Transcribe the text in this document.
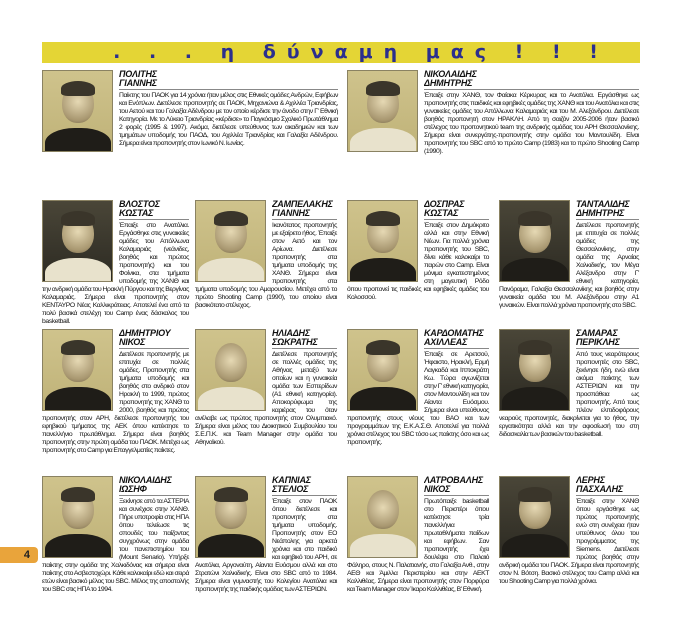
. . . η δύναμη μας ! ! !
4
ΠΟΛΙΤΗΣ
ΓΙΑΝΝΗΣ

Παίκτης του ΠΑΟΚ για 14 χρόνια ήταν μέλος στις Εθνικές ομάδες Ανδρών, Εφήβων και Ενόπλων. Διετέλεσε προπονητής σε ΠΑΟΚ, Μηχανιώνα & Αχιλλέα Τριανδρίας, του Αετού και του Γαλαξία Αδένδρου με τον οποίο κέρδισε την άνοδο στην Γ' Εθνική Κατηγορία. Με το Λύκειο Τριανδρίας «κέρδισε» το Παγκόσμιο Σχολικό Πρωτάθλημα 2 φορές (1995 & 1997). Ακόμα, διετέλεσε υπεύθυνος των ακαδημιών και των τμημάτων υποδομής του ΠΑΟΔ, του Αχιλλέα Τριανδρίας και Γαλαξία Αδένδρου. Σήμερα είναι προπονητής στον Ιωνικό Ν. Ιωνίας.

ΝΙΚΟΛΑΪΔΗΣ
ΔΗΜΗΤΡΗΣ

Έπαιξε στην ΧΑΝΘ, τον Φαίακα Κέρκυρας και το Ανατόλια. Εργάσθηκε ως προπονητής στις παιδικές και εφηβικές ομάδες της ΧΑΝΘ και του Ανατόλια και στις γυναικείες ομάδες του Απόλλωνα Καλαμαριάς και του Μ. Αλεξάνδρου. Διετέλεσε βοηθός προπονητή στον ΗΡΑΚΛΗ. Από τη σαιζόν 2005-2006 ήταν βασικό στέλεχος του προπονητικού team της ανδρικής ομάδας του ΑΡΗ Θεσσαλονίκης. Σήμερα είναι συνεργάτης-προπονητής στην ομάδα του Μαντουλίδη. Είναι προπονητής του SBC από το πρώτο Camp (1983) και το πρώτο Shooting Camp (1990).

ΒΛΟΣΤΟΣ
ΚΩΣΤΑΣ

Έπαιξε στο Ανατόλια. Εργάσθηκε στις γυναικείες ομάδες του Απόλλωνα Καλαμαριάς (νεάνιδες, βοηθός και πρώτος προπονητής) και του Φοίνικα, στα τμήματα υποδομής της ΧΑΝΘ και την ανδρική ομάδα του Ηρακλή Πύργου και της Βεργίνας Καλαμαριάς. Σήμερα είναι προπονητής στον ΚΕΝΤΑΥΡΟ Νέας Καλλικράτειας. Αποτελεί ένα από τα πολύ βασικά στελέχη του Camp ένας δάσκαλος του basketball.

ΖΑΜΠΕΛΑΚΗΣ
ΓΙΑΝΝΗΣ

Ικανότατος προπονητής με εξαίρετο ήθος. Έπαιξε στον Αετό και τον Αρίωνα. Διετέλεσε προπονητής στα τμήματα υποδομής της ΧΑΝΘ. Σήμερα είναι προπονητής στα τμήματα υποδομής του Αμαρουσίου. Μετέχει από το πρώτο Shooting Camp (1990), του οποίου είναι βασικότατο στέλεχος.

ΔΟΣΠΡΑΣ
ΚΩΣΤΑΣ

Έπαιξε στον Δημόκριτο αλλά και στην Εθνική Νέων. Για πολλά χρόνια προπονητής του SBC, δίνει κάθε καλοκαίρι το παρών στο Camp. Είναι μόνιμα εγκατεστημένος στη μαγευτική Ρόδο όπου προπονεί τις παιδικές και εφηβικές ομάδες του Κολοσσού.

ΤΑΝΤΑΛΙΔΗΣ
ΔΗΜΗΤΡΗΣ

Διετέλεσε προπονητής με επιτυχία σε πολλές ομάδες της Θεσσαλονίκης, στην ομάδα της Αρναίας Χαλκιδικής, τον Μέγα Αλέξανδρο στην Γ' εθνική κατηγορία, Πανόραμα, Γαλαξία Θεσσαλονίκης και βοηθός στην γυναικεία ομάδα του Μ. Αλεξάνδρου στην Α1 γυναικών. Είναι πολλά χρόνια προπονητής στο SBC.

ΔΗΜΗΤΡΙΟΥ
ΝΙΚΟΣ

Διετέλεσε προπονητής με επιτυχία σε πολλές ομάδες. Προπονητής στα τμήματα υποδομής και βοηθός στο ανδρικό στον Ηρακλή το 1999, πρώτος προπονητής της ΧΑΝΘ το 2000, βοηθός και πρώτος προπονητής στον ΑΡΗ, διετέλεσε προπονητής του εφηβικού τμήματος της ΑΕΚ όπου κατέκτησε το πανελλήνιο πρωτάθλημα. Σήμερα είναι βοηθός προπονητής στην πρώτη ομάδα του ΠΑΟΚ. Μετέχει ως προπονητής στο Camp για Επαγγελματίες παίκτες.

ΗΛΙΑΔΗΣ
ΣΩΚΡΑΤΗΣ

Διετέλεσε προπονητής σε πολλές ομάδες της Αθήνας μεταξύ των οποίων και η γυναικεία ομάδα των Εσπερίδων (Α1 εθνική κατηγορία). Αποκορύφωμα της καριέρας του όταν ανέλαβε ως πρώτος προπονητής στον Ολυμπιακό. Σήμερα είναι μέλος του Διοικητικού Συμβουλίου του Σ.Ε.Π.Κ. και Team Manager στην ομάδα του Αθηναϊκού.

ΚΑΡΔΟΜΑΤΗΣ
ΑΧΙΛΛΕΑΣ

Έπαιξε σε Αρετσού, Ήφαιστο, Ηρακλή, Ερμή Λαγκαδά και Ιπποκράτη Κω. Τώρα αγωνίζεται στην Γ' εθνική κατηγορία, στον Μαντουλίδη και τον Αίαντα Ευόσμου. Σήμερα είναι υπεύθυνος προπονητής στους νέους του ΒΑΟ και των προγραμμάτων της Ε.Κ.Α.Σ.Θ. Αποτελεί για πολλά χρόνια στέλεχος του SBC τόσο ως παίκτης όσο και ως προπονητής.

ΣΑΜΑΡΑΣ
ΠΕΡΙΚΛΗΣ

Από τους νεαρότερους προπονητές στο SBC, ξεκίνησε ήδη, ενώ είναι ακόμα παίκτης των ΑΣΤΕΡΙΩΝ και την προσπάθεια ως προπονητής. Από τους πλέον ελπιδοφόρους νεαρούς προπονητές, διακρίνεται για το ήθος, την εργατικότητα αλλά και την αφοσίωσή του στη διδασκαλία των βασικών του basketball.

ΝΙΚΟΛΑΪΔΗΣ
ΙΩΣΗΦ

Ξεκίνησε από τα ΑΣΤΕΡΙΑ και συνέχισε στην ΧΑΝΘ. Πήρε υποτροφία στις ΗΠΑ όπου τελείωσε τις σπουδές του παίζοντας συγχρόνως στην ομάδα του πανεπιστημίου του (Mount Senario). Υπήρξε παίκτης στην ομάδα της Χαλκιδόνας και σήμερα είναι παίκτης στο Ασβεστοχώρι. Κάθε καλοκαίρι εδώ και σειρά ετών είναι βασικό μέλος του SBC. Μέλος της αποστολής του SBC στις ΗΠΑ το 1994.

ΚΑΠΝΙΑΣ
ΣΤΕΛΙΟΣ

Έπαιξε στον ΠΑΟΚ όπου διετέλεσε και προπονητής στα τμήματα υποδομής. Προπονητής στον ΕΟ Νεάπολης για αρκετά χρόνια και στο παιδικό και εφηβικό του ΑΡΗ, σε Ανατόλια, Αργοναύτη, Αίαντα Ευόσμου αλλά και στο Στρατώνι Χαλκιδικής. Είναι στο SBC από το 1984. Σήμερα είναι γυμναστής του Κολεγίου Ανατόλια και προπονητής της παιδικής ομάδας των ΑΣΤΕΡΙΩΝ.

ΛΑΤΡΟΒΑΛΗΣ
ΝΙΚΟΣ

Πρωτόπαιξε basketball στο Περιστέρι όπου κατέκτησε τρία πανελλήνια πρωταθλήματα παίδων και εφήβων. Σαν προπονητής έχει δουλέψει στο Παλαιό Φάληρο, στους Ν. Παλατιανής, στο Γαλαξία Ανθ., στην ΑΕΘ και Άμιλλα Περιστερίου και στην ΑΕΚΤ Καλλιθέας. Σήμερα είναι προπονητής στον Πορφύρα και Team Manager στον Ίκαρο Καλλιθέας, Β' Εθνική.

ΛΕΡΗΣ
ΠΑΣΧΑΛΗΣ

Έπαιξε στην ΧΑΝΘ όπου εργάσθηκε ως πρώτος προπονητής ενώ στη συνέχεια ήταν υπεύθυνος όλου του προγράμματος της Siemens. Διετέλεσε πρώτος βοηθός στην ανδρική ομάδα του ΠΑΟΚ. Σήμερα είναι προπονητής στον Ν. Βότση. Βασικό στέλεχος του Camp αλλά και του Shooting Camp για πολλά χρόνια.
